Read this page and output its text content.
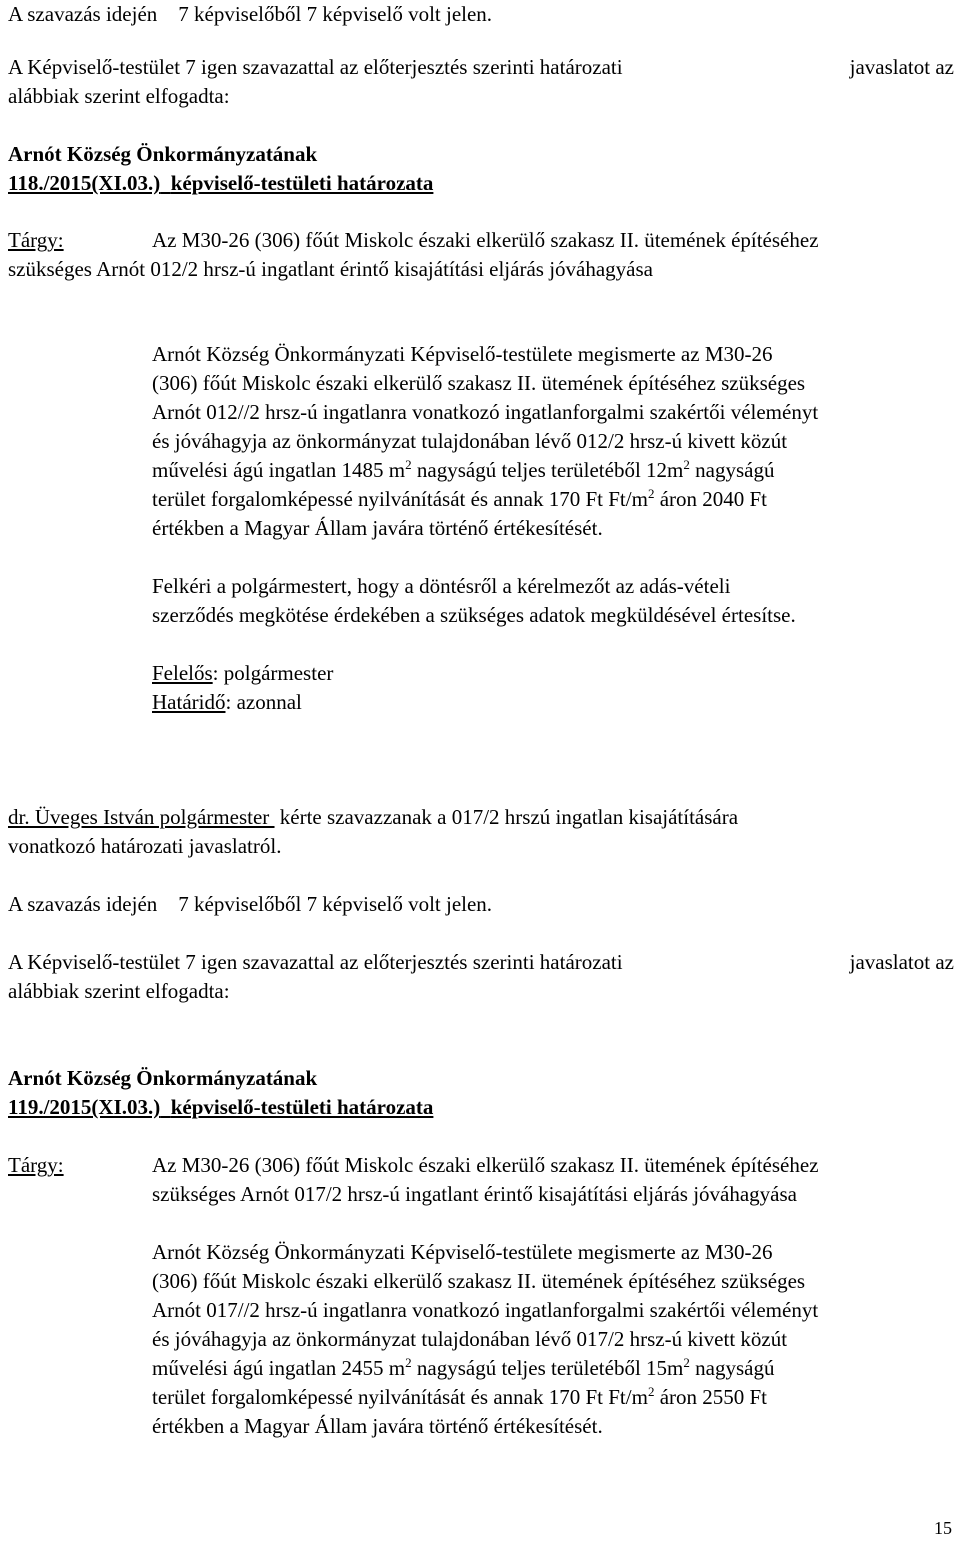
A szavazás idején 7 képviselőből 7 képviselő volt jelen.
A Képviselő-testület 7 igen szavazattal az előterjesztés szerinti határozati	javaslatot az
alábbiak szerint elfogadta:
Arnót Község Önkormányzatának
118./2015(XI.03.) képviselő-testületi határozata
Tárgy:	Az M30-26 (306) főút Miskolc északi elkerülő szakasz II. ütemének építéséhez
szükséges Arnót 012/2 hrsz-ú ingatlant érintő kisajátítási eljárás jóváhagyása
Arnót Község Önkormányzati Képviselő-testülete megismerte az M30-26
(306) főút Miskolc északi elkerülő szakasz II. ütemének építéséhez szükséges
Arnót 012//2 hrsz-ú ingatlanra vonatkozó ingatlanforgalmi szakértői véleményt
és jóváhagyja az önkormányzat tulajdonában lévő 012/2 hrsz-ú kivett közút
művelési ágú ingatlan 1485 $m^2$ nagyságú teljes területéből $12m^2$ nagyságú
terület forgalomképessé nyilvánítását és annak 170 Ft $Ft/m^2$ áron 2040 Ft
értékben a Magyar Állam javára történő értékesítését.
Felkéri a polgármestert, hogy a döntésről a kérelmezőt az adás-vételi
szerződés megkötése érdekében a szükséges adatok megküldésével értesítse.
Felelős: polgármester
Határidő: azonnal
dr. Üveges István polgármester  kérte szavazzanak a 017/2 hrszú ingatlan kisajátítására
vonatkozó határozati javaslatról.
A szavazás idején 7 képviselőből 7 képviselő volt jelen.
A Képviselő-testület 7 igen szavazattal az előterjesztés szerinti határozati	javaslatot az
alábbiak szerint elfogadta:
Arnót Község Önkormányzatának
119./2015(XI.03.) képviselő-testületi határozata
Tárgy:	Az M30-26 (306) főút Miskolc északi elkerülő szakasz II. ütemének építéséhez
szükséges Arnót 017/2 hrsz-ú ingatlant érintő kisajátítási eljárás jóváhagyása
Arnót Község Önkormányzati Képviselő-testülete megismerte az M30-26
(306) főút Miskolc északi elkerülő szakasz II. ütemének építéséhez szükséges
Arnót 017//2 hrsz-ú ingatlanra vonatkozó ingatlanforgalmi szakértői véleményt
és jóváhagyja az önkormányzat tulajdonában lévő 017/2 hrsz-ú kivett közút
művelési ágú ingatlan 2455 $m^2$ nagyságú teljes területéből $15m^2$ nagyságú
terület forgalomképessé nyilvánítását és annak 170 Ft $Ft/m^2$ áron 2550 Ft
értékben a Magyar Állam javára történő értékesítését.
15
